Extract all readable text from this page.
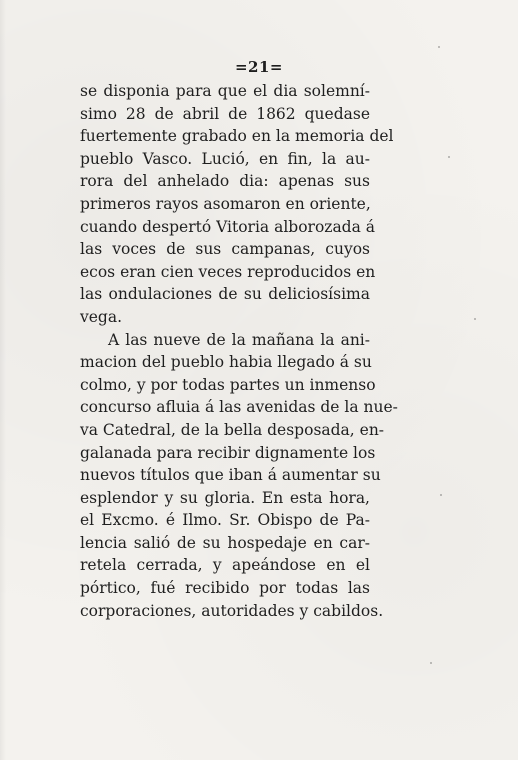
=21=
se disponia para que el dia solemní-
simo 28 de abril de 1862 quedase
fuertemente grabado en la memoria del
pueblo Vasco. Lució, en fin, la au-
rora del anhelado dia: apenas sus
primeros rayos asomaron en oriente,
cuando despertó Vitoria alborozada á
las voces de sus campanas, cuyos
ecos eran cien veces reproducidos en
las ondulaciones de su deliciosísima
vega.
A las nueve de la mañana la ani-
macion del pueblo habia llegado á su
colmo, y por todas partes un inmenso
concurso afluia á las avenidas de la nue-
va Catedral, de la bella desposada, en-
galanada para recibir dignamente los
nuevos títulos que iban á aumentar su
esplendor y su gloria. En esta hora,
el Excmo. é Ilmo. Sr. Obispo de Pa-
lencia salió de su hospedaje en car-
retela cerrada, y apeándose en el
pórtico, fué recibido por todas las
corporaciones, autoridades y cabildos.
